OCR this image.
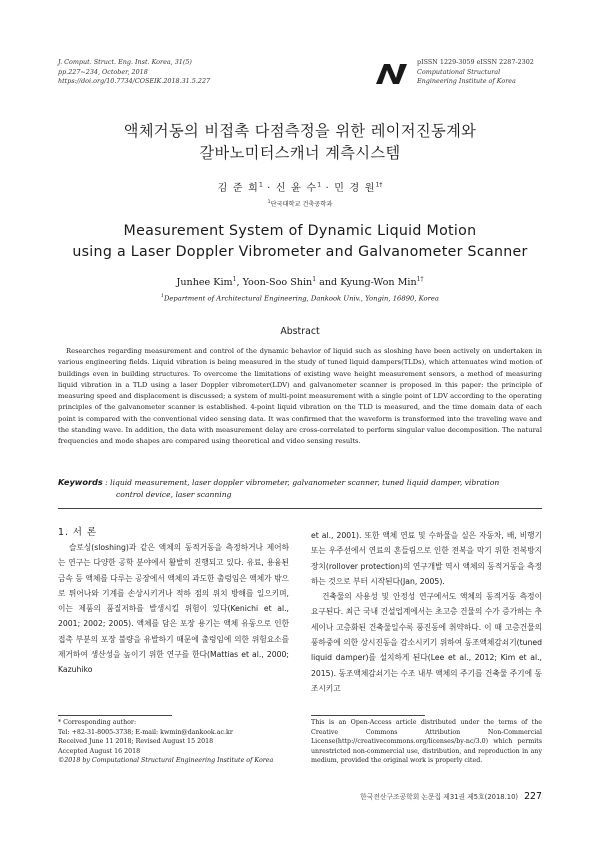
J. Comput. Struct. Eng. Inst. Korea, 31(5)
pp.227~234, October, 2018
https://doi.org/10.7734/COSEIK.2018.31.5.227
pISSN 1229-3059 eISSN 2287-2302
Computational Structural
Engineering Institute of Korea
액체거동의 비접촉 다점측정을 위한 레이저진동계와
갈바노미터스캐너 계측시스템
김 준 희$^1$ · 신 윤 수$^1$ · 민 경 원$^{1\dagger}$
$^1$단국대학교 건축공학과
Measurement System of Dynamic Liquid Motion
using a Laser Doppler Vibrometer and Galvanometer Scanner
Junhee Kim$^1$, Yoon-Soo Shin$^1$ and Kyung-Won Min$^{1\dagger}$
$^1$Department of Architectural Engineering, Dankook Univ., Yongin, 16890, Korea
Abstract
Researches regarding measurement and control of the dynamic behavior of liquid such as sloshing have been actively on undertaken in various engineering fields. Liquid vibration is being measured in the study of tuned liquid dampers(TLDs), which attenuates wind motion of buildings even in building structures. To overcome the limitations of existing wave height measurement sensors, a method of measuring liquid vibration in a TLD using a laser Doppler vibrometer(LDV) and galvanometer scanner is proposed in this paper: the principle of measuring speed and displacement is discussed; a system of multi-point measurement with a single point of LDV according to the operating principles of the galvanometer scanner is established. 4-point liquid vibration on the TLD is measured, and the time domain data of each point is compared with the conventional video sensing data. It was confirmed that the waveform is transformed into the traveling wave and the standing wave. In addition, the data with measurement delay are cross-correlated to perform singular value decomposition. The natural frequencies and mode shapes are compared using theoretical and video sensing results.
Keywords : liquid measurement, laser doppler vibrometer, galvanometer scanner, tuned liquid damper, vibration
control device, laser scanning
1. 서 론

슬로싱(sloshing)과 같은 액체의 동적거동을 측정하거나 제어하는 연구는 다양한 공학 분야에서 활발히 진행되고 있다. 유료, 용융된 금속 등 액체를 다루는 공장에서 액체의 과도한 출렁임은 액체가 밖으로 튀어나와 기계를 손상시키거나 적하 점의 위치 방해를 일으키며, 이는 제품의 품질저하를 발생시킬 위험이 있다(Kenichi et al., 2001; 2002; 2005). 액체를 담은 포장 용기는 액체 유동으로 인한 접촉 부분의 포장 불량을 유발하기 때문에 출렁임에 의한 위험요소를 제거하여 생산성을 높이기 위한 연구를 한다(Mattias et al., 2000; Kazuhiko

et al., 2001). 또한 액체 연료 및 수하물을 실은 자동차, 배, 비행기 또는 우주선에서 연료의 흔들림으로 인한 전복을 막기 위한 전복방지장치(rollover protection)의 연구개발 역시 액체의 동적거동을 측정하는 것으로 부터 시작된다(Jan, 2005).

건축물의 사용성 및 안정성 연구에서도 액체의 동적거동 측정이 요구된다. 최근 국내 건설업계에서는 초고층 건물의 수가 증가하는 추세이나 고층화된 건축물일수록 풍진동에 취약하다. 이 때 고층건물의 풍하중에 의한 상시진동을 감소시키기 위하여 동조액체감쇠기(tuned liquid damper)를 설치하게 된다(Lee et al., 2012; Kim et al., 2015). 동조액체감쇠기는 수조 내부 액체의 주기를 건축물 주기에 동조시키고

* Corresponding author:
Tel: +82-31-8005-3738; E-mail: kwmin@dankook.ac.kr
Received June 11 2018; Revised August 15 2018
Accepted August 16 2018
©2018 by Computational Structural Engineering Institute of Korea
This is an Open-Access article distributed under the terms of the Creative Commons Attribution Non-Commercial License(http://creativecommons.org/licenses/by-nc/3.0) which permits unrestricted non-commercial use, distribution, and reproduction in any medium, provided the original work is properly cited.
한국전산구조공학회 논문집 제31권 제5호(2018.10) 227
